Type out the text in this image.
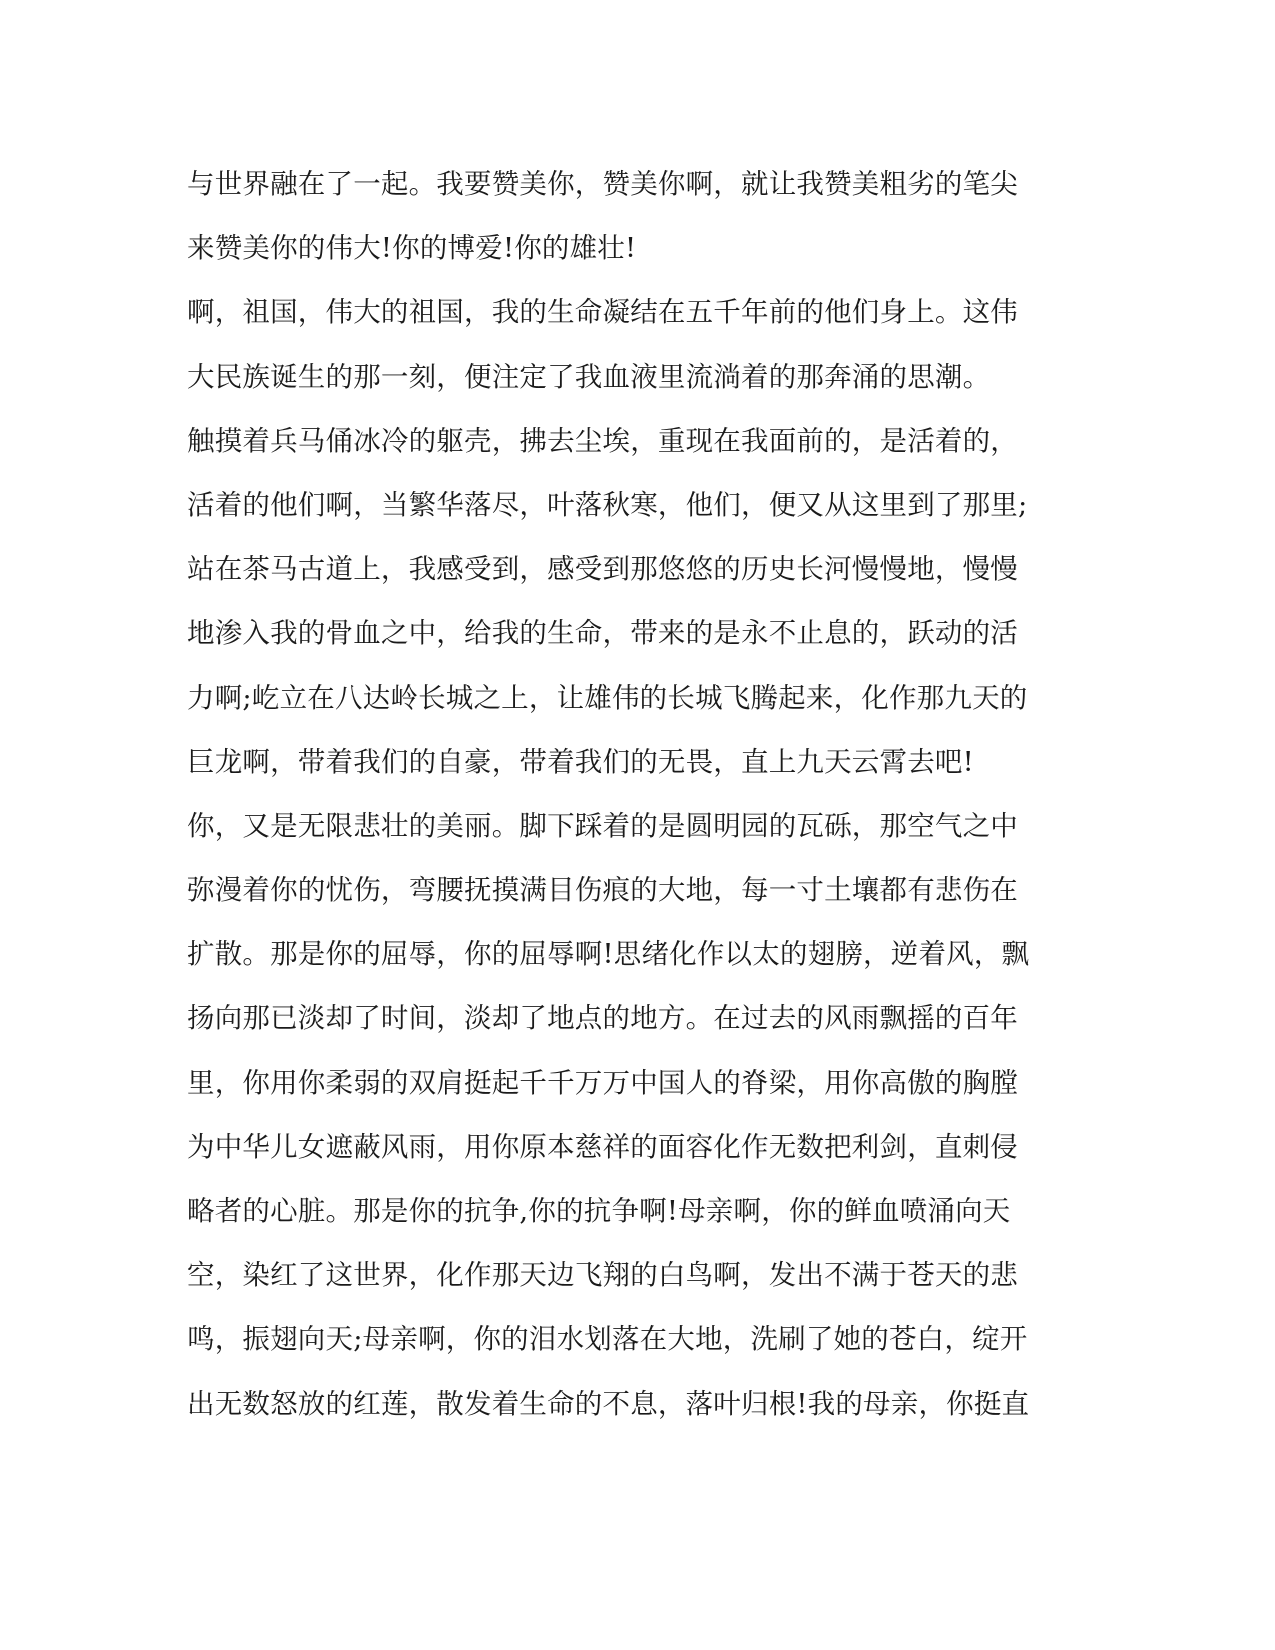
与世界融在了一起。我要赞美你，赞美你啊，就让我赞美粗劣的笔尖
来赞美你的伟大!你的博爱!你的雄壮!
啊，祖国，伟大的祖国，我的生命凝结在五千年前的他们身上。这伟
大民族诞生的那一刻，便注定了我血液里流淌着的那奔涌的思潮。
触摸着兵马俑冰冷的躯壳，拂去尘埃，重现在我面前的，是活着的，
活着的他们啊，当繁华落尽，叶落秋寒，他们，便又从这里到了那里;
站在茶马古道上，我感受到，感受到那悠悠的历史长河慢慢地，慢慢
地渗入我的骨血之中，给我的生命，带来的是永不止息的，跃动的活
力啊;屹立在八达岭长城之上，让雄伟的长城飞腾起来，化作那九天的
巨龙啊，带着我们的自豪，带着我们的无畏，直上九天云霄去吧!
你，又是无限悲壮的美丽。脚下踩着的是圆明园的瓦砾，那空气之中
弥漫着你的忧伤，弯腰抚摸满目伤痕的大地，每一寸土壤都有悲伤在
扩散。那是你的屈辱，你的屈辱啊!思绪化作以太的翅膀，逆着风，飘
扬向那已淡却了时间，淡却了地点的地方。在过去的风雨飘摇的百年
里，你用你柔弱的双肩挺起千千万万中国人的脊梁，用你高傲的胸膛
为中华儿女遮蔽风雨，用你原本慈祥的面容化作无数把利剑，直刺侵
略者的心脏。那是你的抗争,你的抗争啊!母亲啊，你的鲜血喷涌向天
空，染红了这世界，化作那天边飞翔的白鸟啊，发出不满于苍天的悲
鸣，振翅向天;母亲啊，你的泪水划落在大地，洗刷了她的苍白，绽开
出无数怒放的红莲，散发着生命的不息，落叶归根!我的母亲，你挺直
